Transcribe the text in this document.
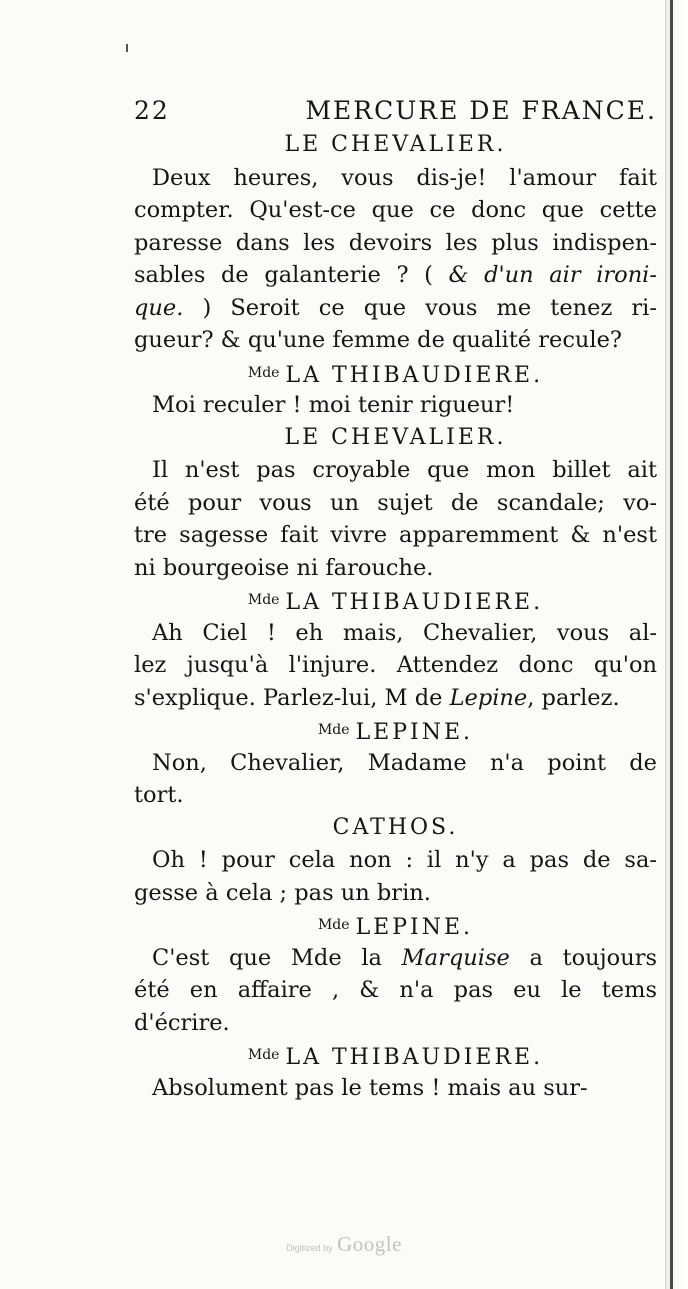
22	MERCURE DE FRANCE.
LE CHEVALIER.
Deux heures, vous dis-je! l'amour fait
compter. Qu'est-ce que ce donc que cette
paresse dans les devoirs les plus indispen-
sables de galanterie ? ( & d'un air ironi-
que. ) Seroit ce que vous me tenez ri-
gueur? & qu'une femme de qualité recule?
$^{Mde}$ LA THIBAUDIERE.
Moi reculer ! moi tenir rigueur!
LE CHEVALIER.
Il n'est pas croyable que mon billet ait
été pour vous un sujet de scandale; vo-
tre sagesse fait vivre apparemment & n'est
ni bourgeoise ni farouche.
$^{Mde}$ LA THIBAUDIERE.
Ah Ciel ! eh mais, Chevalier, vous al-
lez jusqu'à l'injure. Attendez donc qu'on
s'explique. Parlez-lui, M de Lepine, parlez.
$^{Mde}$ LEPINE.
Non, Chevalier, Madame n'a point de
tort.
CATHOS.
Oh ! pour cela non : il n'y a pas de sa-
gesse à cela ; pas un brin.
$^{Mde}$ LEPINE.
C'est que Mde la Marquise a toujours
été en affaire , & n'a pas eu le tems
d'écrire.
$^{Mde}$ LA THIBAUDIERE.
Absolument pas le tems ! mais au sur-
Digitized by Google
